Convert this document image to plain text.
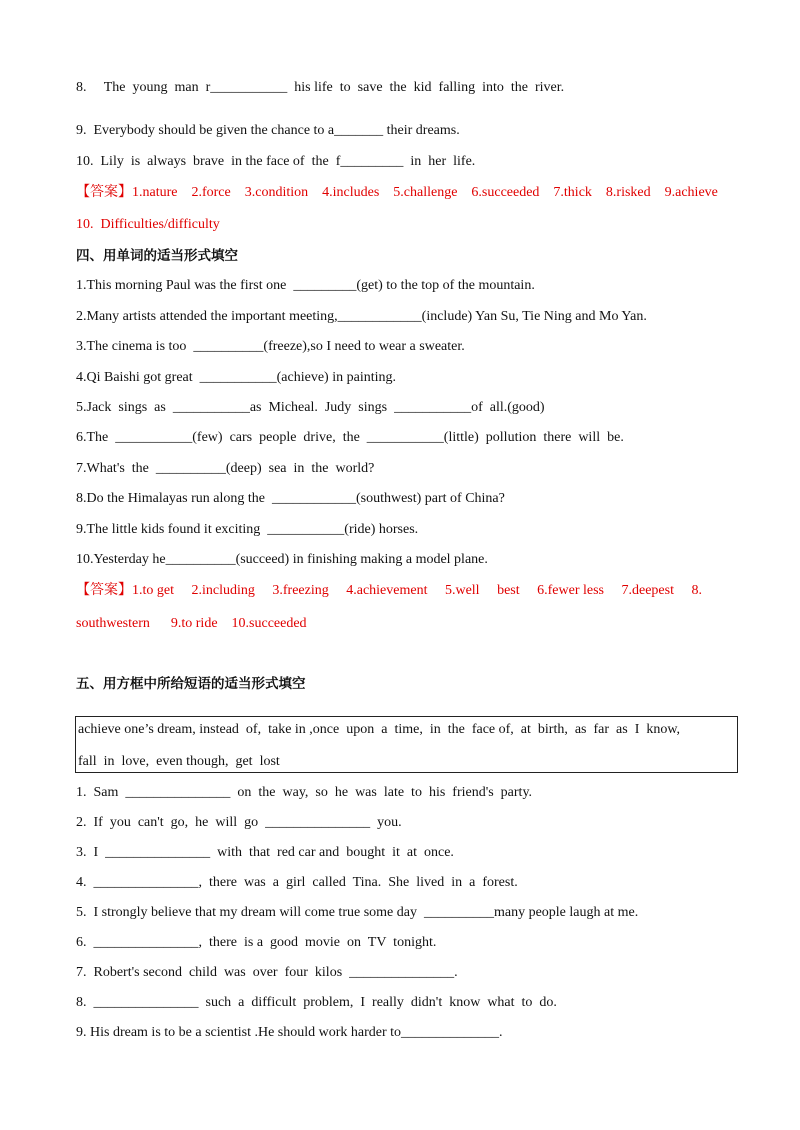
8.     The  young  man  r___________  his life  to  save  the  kid  falling  into  the  river.
9.  Everybody should be given the chance to a_______ their dreams.
10.  Lily  is  always  brave  in the face of  the  f_________  in  her  life.
【答案】1.nature    2.force    3.condition    4.includes    5.challenge    6.succeeded    7.thick    8.risked    9.achieve
10.  Difficulties/difficulty
四、用单词的适当形式填空
1.This morning Paul was the first one  _________(get) to the top of the mountain.
2.Many artists attended the important meeting,____________(include) Yan Su, Tie Ning and Mo Yan.
3.The cinema is too  __________(freeze),so I need to wear a sweater.
4.Qi Baishi got great  ___________(achieve) in painting.
5.Jack  sings  as  ___________as  Micheal.  Judy  sings  ___________of  all.(good)
6.The  ___________(few)  cars  people  drive,  the  ___________(little)  pollution  there  will  be.
7.What's  the  __________(deep)  sea  in  the  world?
8.Do the Himalayas run along the  ____________(southwest) part of China?
9.The little kids found it exciting  ___________(ride) horses.
10.Yesterday he__________(succeed) in finishing making a model plane.
【答案】1.to get     2.including     3.freezing     4.achievement     5.well     best     6.fewer less     7.deepest     8.
southwestern      9.to ride    10.succeeded
五、用方框中所给短语的适当形式填空
achieve one’s dream, instead  of,  take in ,once  upon  a  time,  in  the  face of,  at  birth,  as  far  as  I  know,
fall  in  love,  even though,  get  lost
1.  Sam  _______________  on  the  way,  so  he  was  late  to  his  friend's  party.
2.  If  you  can't  go,  he  will  go  _______________  you.
3.  I  _______________  with  that  red car and  bought  it  at  once.
4.  _______________,  there  was  a  girl  called  Tina.  She  lived  in  a  forest.
5.  I strongly believe that my dream will come true some day  __________many people laugh at me.
6.  _______________,  there  is a  good  movie  on  TV  tonight.
7.  Robert's second  child  was  over  four  kilos  _______________.
8.  _______________  such  a  difficult  problem,  I  really  didn't  know  what  to  do.
9. His dream is to be a scientist .He should work harder to______________.
